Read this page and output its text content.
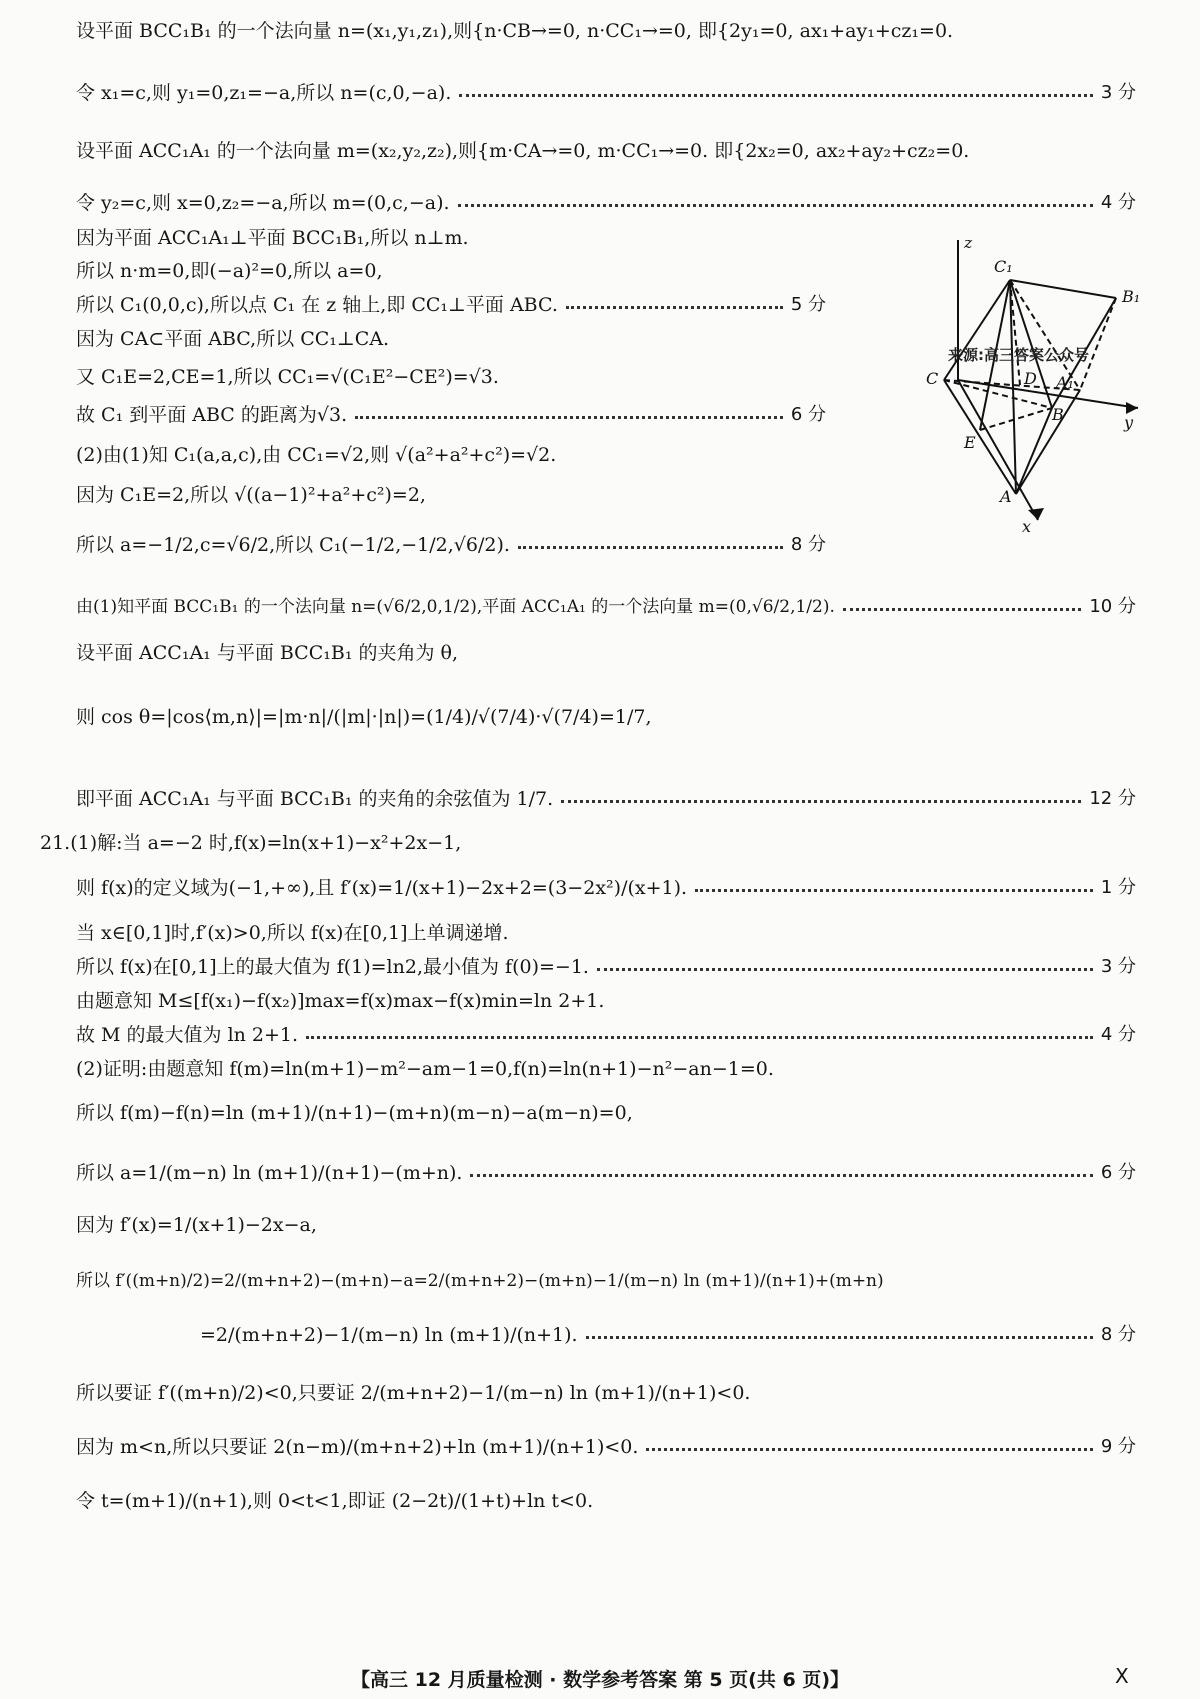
设平面 BCC₁B₁ 的一个法向量 n=(x₁,y₁,z₁),则{n·CB→=0, n·CC₁→=0, 即{2y₁=0, ax₁+ay₁+cz₁=0.
令 x₁=c,则 y₁=0,z₁=−a,所以 n=(c,0,−a).	3 分
设平面 ACC₁A₁ 的一个法向量 m=(x₂,y₂,z₂),则{m·CA→=0, m·CC₁→=0. 即{2x₂=0, ax₂+ay₂+cz₂=0.
令 y₂=c,则 x=0,z₂=−a,所以 m=(0,c,−a).	4 分
因为平面 ACC₁A₁⊥平面 BCC₁B₁,所以 n⊥m.
所以 n·m=0,即(−a)²=0,所以 a=0,
所以 C₁(0,0,c),所以点 C₁ 在 z 轴上,即 CC₁⊥平面 ABC.	5 分
因为 CA⊂平面 ABC,所以 CC₁⊥CA.
又 C₁E=2,CE=1,所以 CC₁=√(C₁E²−CE²)=√3.
故 C₁ 到平面 ABC 的距离为√3.	6 分
(2)由(1)知 C₁(a,a,c),由 CC₁=√2,则 √(a²+a²+c²)=√2.
因为 C₁E=2,所以 √((a−1)²+a²+c²)=2,
所以 a=−1/2,c=√6/2,所以 C₁(−1/2,−1/2,√6/2).	8 分
由(1)知平面 BCC₁B₁ 的一个法向量 n=(√6/2,0,1/2),平面 ACC₁A₁ 的一个法向量 m=(0,√6/2,1/2).	10 分
设平面 ACC₁A₁ 与平面 BCC₁B₁ 的夹角为 θ,
则 cos θ=|cos⟨m,n⟩|=|m·n|/(|m|·|n|)=(1/4)/√(7/4)·√(7/4)=1/7,
即平面 ACC₁A₁ 与平面 BCC₁B₁ 的夹角的余弦值为 1/7.	12 分
21.(1)解:当 a=−2 时,f(x)=ln(x+1)−x²+2x−1,
则 f(x)的定义域为(−1,+∞),且 f′(x)=1/(x+1)−2x+2=(3−2x²)/(x+1).	1 分
当 x∈[0,1]时,f′(x)>0,所以 f(x)在[0,1]上单调递增.
所以 f(x)在[0,1]上的最大值为 f(1)=ln2,最小值为 f(0)=−1.	3 分
由题意知 M≤[f(x₁)−f(x₂)]max=f(x)max−f(x)min=ln 2+1.
故 M 的最大值为 ln 2+1.	4 分
(2)证明:由题意知 f(m)=ln(m+1)−m²−am−1=0,f(n)=ln(n+1)−n²−an−1=0.
所以 f(m)−f(n)=ln (m+1)/(n+1)−(m+n)(m−n)−a(m−n)=0,
所以 a=1/(m−n) ln (m+1)/(n+1)−(m+n).	6 分
因为 f′(x)=1/(x+1)−2x−a,
所以 f′((m+n)/2)=2/(m+n+2)−(m+n)−a=2/(m+n+2)−(m+n)−1/(m−n) ln (m+1)/(n+1)+(m+n)
=2/(m+n+2)−1/(m−n) ln (m+1)/(n+1).	8 分
所以要证 f′((m+n)/2)<0,只要证 2/(m+n+2)−1/(m−n) ln (m+1)/(n+1)<0.
因为 m<n,所以只要证 2(n−m)/(m+n+2)+ln (m+1)/(n+1)<0.	9 分
令 t=(m+1)/(n+1),则 0<t<1,即证 (2−2t)/(1+t)+ln t<0.
z
C₁
B₁
C	D A₁
B	y
E
A
x
来源:高三答案公众号
【高三 12 月质量检测 · 数学参考答案 第 5 页(共 6 页)】	X
